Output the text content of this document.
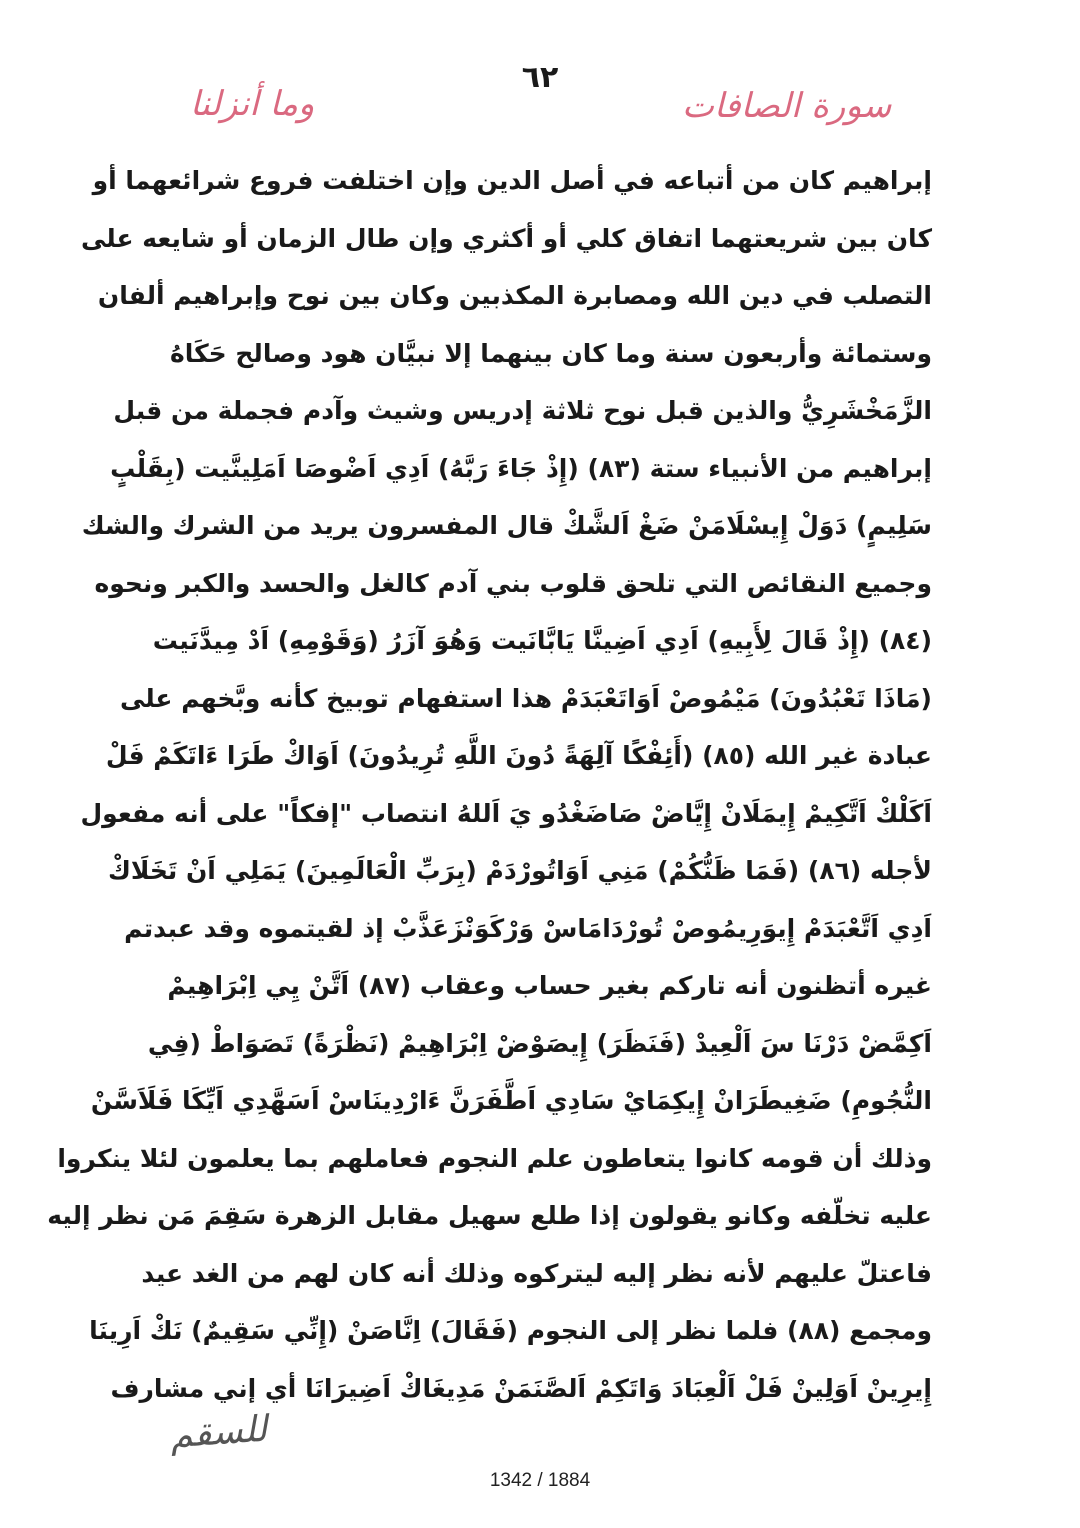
٦٢
وما أنزلنا	سورة الصافات
إبراهيم كان من أتباعه في أصل الدين وإن اختلفت فروع شرائعهما أو
كان بين شريعتهما اتفاق كلي أو أكثري وإن طال الزمان أو شايعه على
التصلب في دين الله ومصابرة المكذبين وكان بين نوح وإبراهيم ألفان
وستمائة وأربعون سنة وما كان بينهما إلا نبيَّان هود وصالح حَكَاهُ
الزَّمَخْشَرِيُّ والذين قبل نوح ثلاثة إدريس وشيث وآدم فجملة من قبل
إبراهيم من الأنبياء ستة (٨٣) (إِذْ جَاءَ رَبَّهُ) اَدِي اَضْوصَا اَمَلِينَّيت (بِقَلْبٍ
سَلِيمٍ) دَوَلْ إِيسْلَامَنْ ضَغْ اَلشَّكْ قال المفسرون يريد من الشرك والشك
وجميع النقائص التي تلحق قلوب بني آدم كالغل والحسد والكبر ونحوه
(٨٤) (إِذْ قَالَ لِأَبِيهِ) اَدِي اَضِينَّا يَابَّانَيت وَهُوَ آزَرُ (وَقَوْمِهِ) اَدْ مِيدَّنَيت
(مَاذَا تَعْبُدُونَ) مَيْمُوصْ اَوَاتَعْبَدَمْ هذا استفهام توبيخ كأنه وبَّخهم على
عبادة غير الله (٨٥) (أَئِفْكًا آلِهَةً دُونَ اللَّهِ تُرِيدُونَ) اَوَاكْ طَرَا ءَاتَكَمْ فَلْ
اَكَلْكْ اَتَّكِيمْ إِيمَلَانْ إِيَّاضْ صَاضَغْدُو يَ اَللهُ انتصاب "إفكاً" على أنه مفعول
لأجله (٨٦) (فَمَا ظَنُّكُمْ) مَنِي اَوَاتُورْدَمْ (بِرَبِّ الْعَالَمِينَ) يَمَلِي اَنْ تَخَلَاكْ
اَدِي اَتَّعْبَدَمْ إِيوَرِيمُوصْ تُورْدَامَاسْ وَرْكَوَنْزَعَذَّبْ إذ لقيتموه وقد عبدتم
غيره أتظنون أنه تاركم بغير حساب وعقاب (٨٧) اَتَّنْ يِي اِبْرَاهِيمْ
اَكِمَّضْ دَرْنَا سَ اَلْعِيدْ (فَنَظَرَ) إِيصَوْضْ اِبْرَاهِيمْ (نَظْرَةً) تَصَوَاطْ (فِي
النُّجُومِ) ضَغِيطَرَانْ إِيكِمَايْ سَادِي اَطَّفَرَنَّ ءَارْدِينَاسْ اَسَهَّدِي اَيِّكَا فَلَاَسَّنْ
وذلك أن قومه كانوا يتعاطون علم النجوم فعاملهم بما يعلمون لئلا ينكروا
عليه تخلّفه وكانو يقولون إذا طلع سهيل مقابل الزهرة سَقِمَ مَن نظر إليه
فاعتلّ عليهم لأنه نظر إليه ليتركوه وذلك أنه كان لهم من الغد عيد
ومجمع (٨٨) فلما نظر إلى النجوم (فَقَالَ) اِنَّاصَنْ (إِنِّي سَقِيمٌ) نَكْ اَرِينَا
إِيرِينْ اَوَلِينْ فَلْ اَلْعِبَادَ وَاتَكِمْ اَلصَّنَمَنْ مَدِيغَاكْ اَضِيرَانَا أي إني مشارف
للسقم
1342 / 1884
